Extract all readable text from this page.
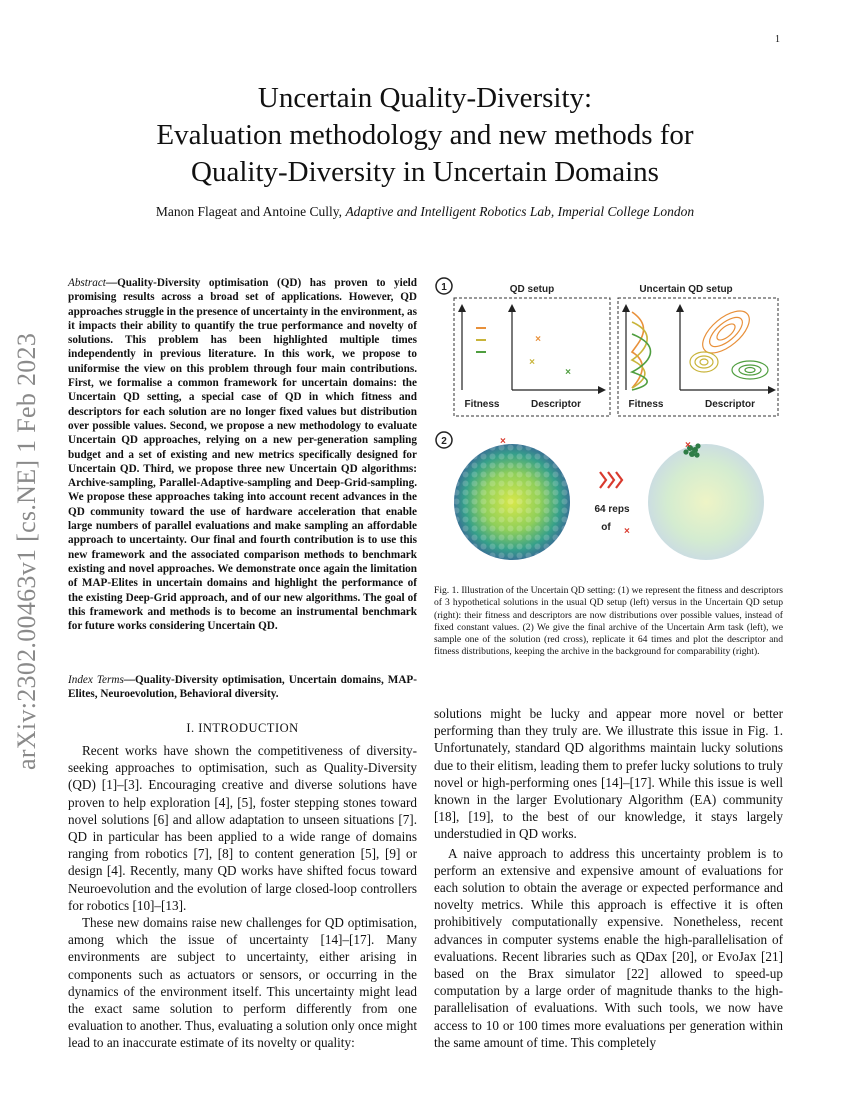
1
arXiv:2302.00463v1 [cs.NE] 1 Feb 2023
Uncertain Quality-Diversity:
Evaluation methodology and new methods for
Quality-Diversity in Uncertain Domains
Manon Flageat and Antoine Cully, Adaptive and Intelligent Robotics Lab, Imperial College London
Abstract—Quality-Diversity optimisation (QD) has proven to yield promising results across a broad set of applications. However, QD approaches struggle in the presence of uncertainty in the environment, as it impacts their ability to quantify the true performance and novelty of solutions. This problem has been highlighted multiple times independently in previous literature. In this work, we propose to uniformise the view on this problem through four main contributions. First, we formalise a common framework for uncertain domains: the Uncertain QD setting, a special case of QD in which fitness and descriptors for each solution are no longer fixed values but distribution over possible values. Second, we propose a new methodology to evaluate Uncertain QD approaches, relying on a new per-generation sampling budget and a set of existing and new metrics specifically designed for Uncertain QD. Third, we propose three new Uncertain QD algorithms: Archive-sampling, Parallel-Adaptive-sampling and Deep-Grid-sampling. We propose these approaches taking into account recent advances in the QD community toward the use of hardware acceleration that enable large numbers of parallel evaluations and make sampling an affordable approach to uncertainty. Our final and fourth contribution is to use this new framework and the associated comparison methods to benchmark existing and novel approaches. We demonstrate once again the limitation of MAP-Elites in uncertain domains and highlight the performance of the existing Deep-Grid approach, and of our new algorithms. The goal of this framework and methods is to become an instrumental benchmark for future works considering Uncertain QD.
Index Terms—Quality-Diversity optimisation, Uncertain domains, MAP-Elites, Neuroevolution, Behavioral diversity.
I. INTRODUCTION

Recent works have shown the competitiveness of diversity-seeking approaches to optimisation, such as Quality-Diversity (QD) [1]–[3]. Encouraging creative and diverse solutions have proven to help exploration [4], [5], foster stepping stones toward novel solutions [6] and allow adaptation to unseen situations [7]. QD in particular has been applied to a wide range of domains ranging from robotics [7], [8] to content generation [5], [9] or design [4]. Recently, many QD works have shifted focus toward Neuroevolution and the evolution of large closed-loop controllers for robotics [10]–[13].

These new domains raise new challenges for QD optimisation, among which the issue of uncertainty [14]–[17]. Many environments are subject to uncertainty, either arising in components such as actuators or sensors, or occurring in the dynamics of the environment itself. This uncertainty might lead the exact same solution to perform differently from one evaluation to another. Thus, evaluating a solution only once might lead to an inaccurate estimate of its novelty or quality:

1	QD setup	Uncertain QD setup
×
×
×
Fitness	Descriptor	Fitness	Descriptor
2	×
64 reps
of ×
×
Fig. 1. Illustration of the Uncertain QD setting: (1) we represent the fitness and descriptors of 3 hypothetical solutions in the usual QD setup (left) versus in the Uncertain QD setup (right): their fitness and descriptors are now distributions over possible values, instead of fixed constant values. (2) We give the final archive of the Uncertain Arm task (left), we sample one of the solution (red cross), replicate it 64 times and plot the descriptor and fitness distributions, keeping the archive in the background for comparability (right).

solutions might be lucky and appear more novel or better performing than they truly are. We illustrate this issue in Fig. 1. Unfortunately, standard QD algorithms maintain lucky solutions due to their elitism, leading them to prefer lucky solutions to truly novel or high-performing ones [14]–[17]. While this issue is well known in the larger Evolutionary Algorithm (EA) community [18], [19], to the best of our knowledge, it stays largely understudied in QD works.

A naive approach to address this uncertainty problem is to perform an extensive and expensive amount of evaluations for each solution to obtain the average or expected performance and novelty metrics. While this approach is effective it is often prohibitively computationally expensive. Nonetheless, recent advances in computer systems enable the high-parallelisation of evaluations. Recent libraries such as QDax [20], or EvoJax [21] based on the Brax simulator [22] allowed to speed-up computation by a large order of magnitude thanks to the high-parallelisation of evaluations. With such tools, we now have access to 10 or 100 times more evaluations per generation within the same amount of time. This completely
